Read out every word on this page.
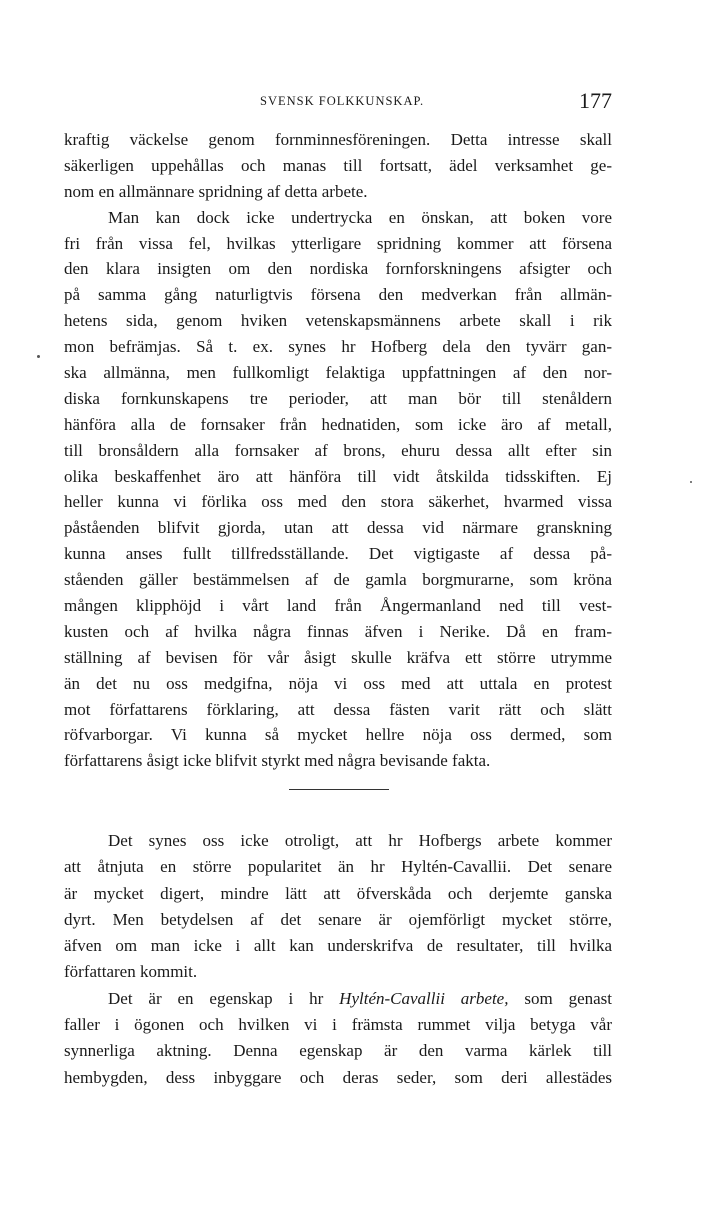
SVENSK FOLKKUNSKAP.	177
kraftig väckelse genom fornminnesföreningen. Detta intresse skall
säkerligen uppehållas och manas till fortsatt, ädel verksamhet ge-
nom en allmännare spridning af detta arbete.
Man kan dock icke undertrycka en önskan, att boken vore
fri från vissa fel, hvilkas ytterligare spridning kommer att försena
den klara insigten om den nordiska fornforskningens afsigter och
på samma gång naturligtvis försena den medverkan från allmän-
hetens sida, genom hviken vetenskapsmännens arbete skall i rik
mon befrämjas. Så t. ex. synes hr Hofberg dela den tyvärr gan-
ska allmänna, men fullkomligt felaktiga uppfattningen af den nor-
diska fornkunskapens tre perioder, att man bör till stenåldern
hänföra alla de fornsaker från hednatiden, som icke äro af metall,
till bronsåldern alla fornsaker af brons, ehuru dessa allt efter sin
olika beskaffenhet äro att hänföra till vidt åtskilda tidsskiften. Ej
heller kunna vi förlika oss med den stora säkerhet, hvarmed vissa
påståenden blifvit gjorda, utan att dessa vid närmare granskning
kunna anses fullt tillfredsställande. Det vigtigaste af dessa på-
ståenden gäller bestämmelsen af de gamla borgmurarne, som kröna
mången klipphöjd i vårt land från Ångermanland ned till vest-
kusten och af hvilka några finnas äfven i Nerike. Då en fram-
ställning af bevisen för vår åsigt skulle kräfva ett större utrymme
än det nu oss medgifna, nöja vi oss med att uttala en protest
mot författarens förklaring, att dessa fästen varit rätt och slätt
röfvarborgar. Vi kunna så mycket hellre nöja oss dermed, som
författarens åsigt icke blifvit styrkt med några bevisande fakta.
Det synes oss icke otroligt, att hr Hofbergs arbete kommer
att åtnjuta en större popularitet än hr Hyltén-Cavallii. Det senare
är mycket digert, mindre lätt att öfverskåda och derjemte ganska
dyrt. Men betydelsen af det senare är ojemförligt mycket större,
äfven om man icke i allt kan underskrifva de resultater, till hvilka
författaren kommit.
Det är en egenskap i hr Hyltén-Cavallii arbete, som genast
faller i ögonen och hvilken vi i främsta rummet vilja betyga vår
synnerliga aktning. Denna egenskap är den varma kärlek till
hembygden, dess inbyggare och deras seder, som deri allestädes
